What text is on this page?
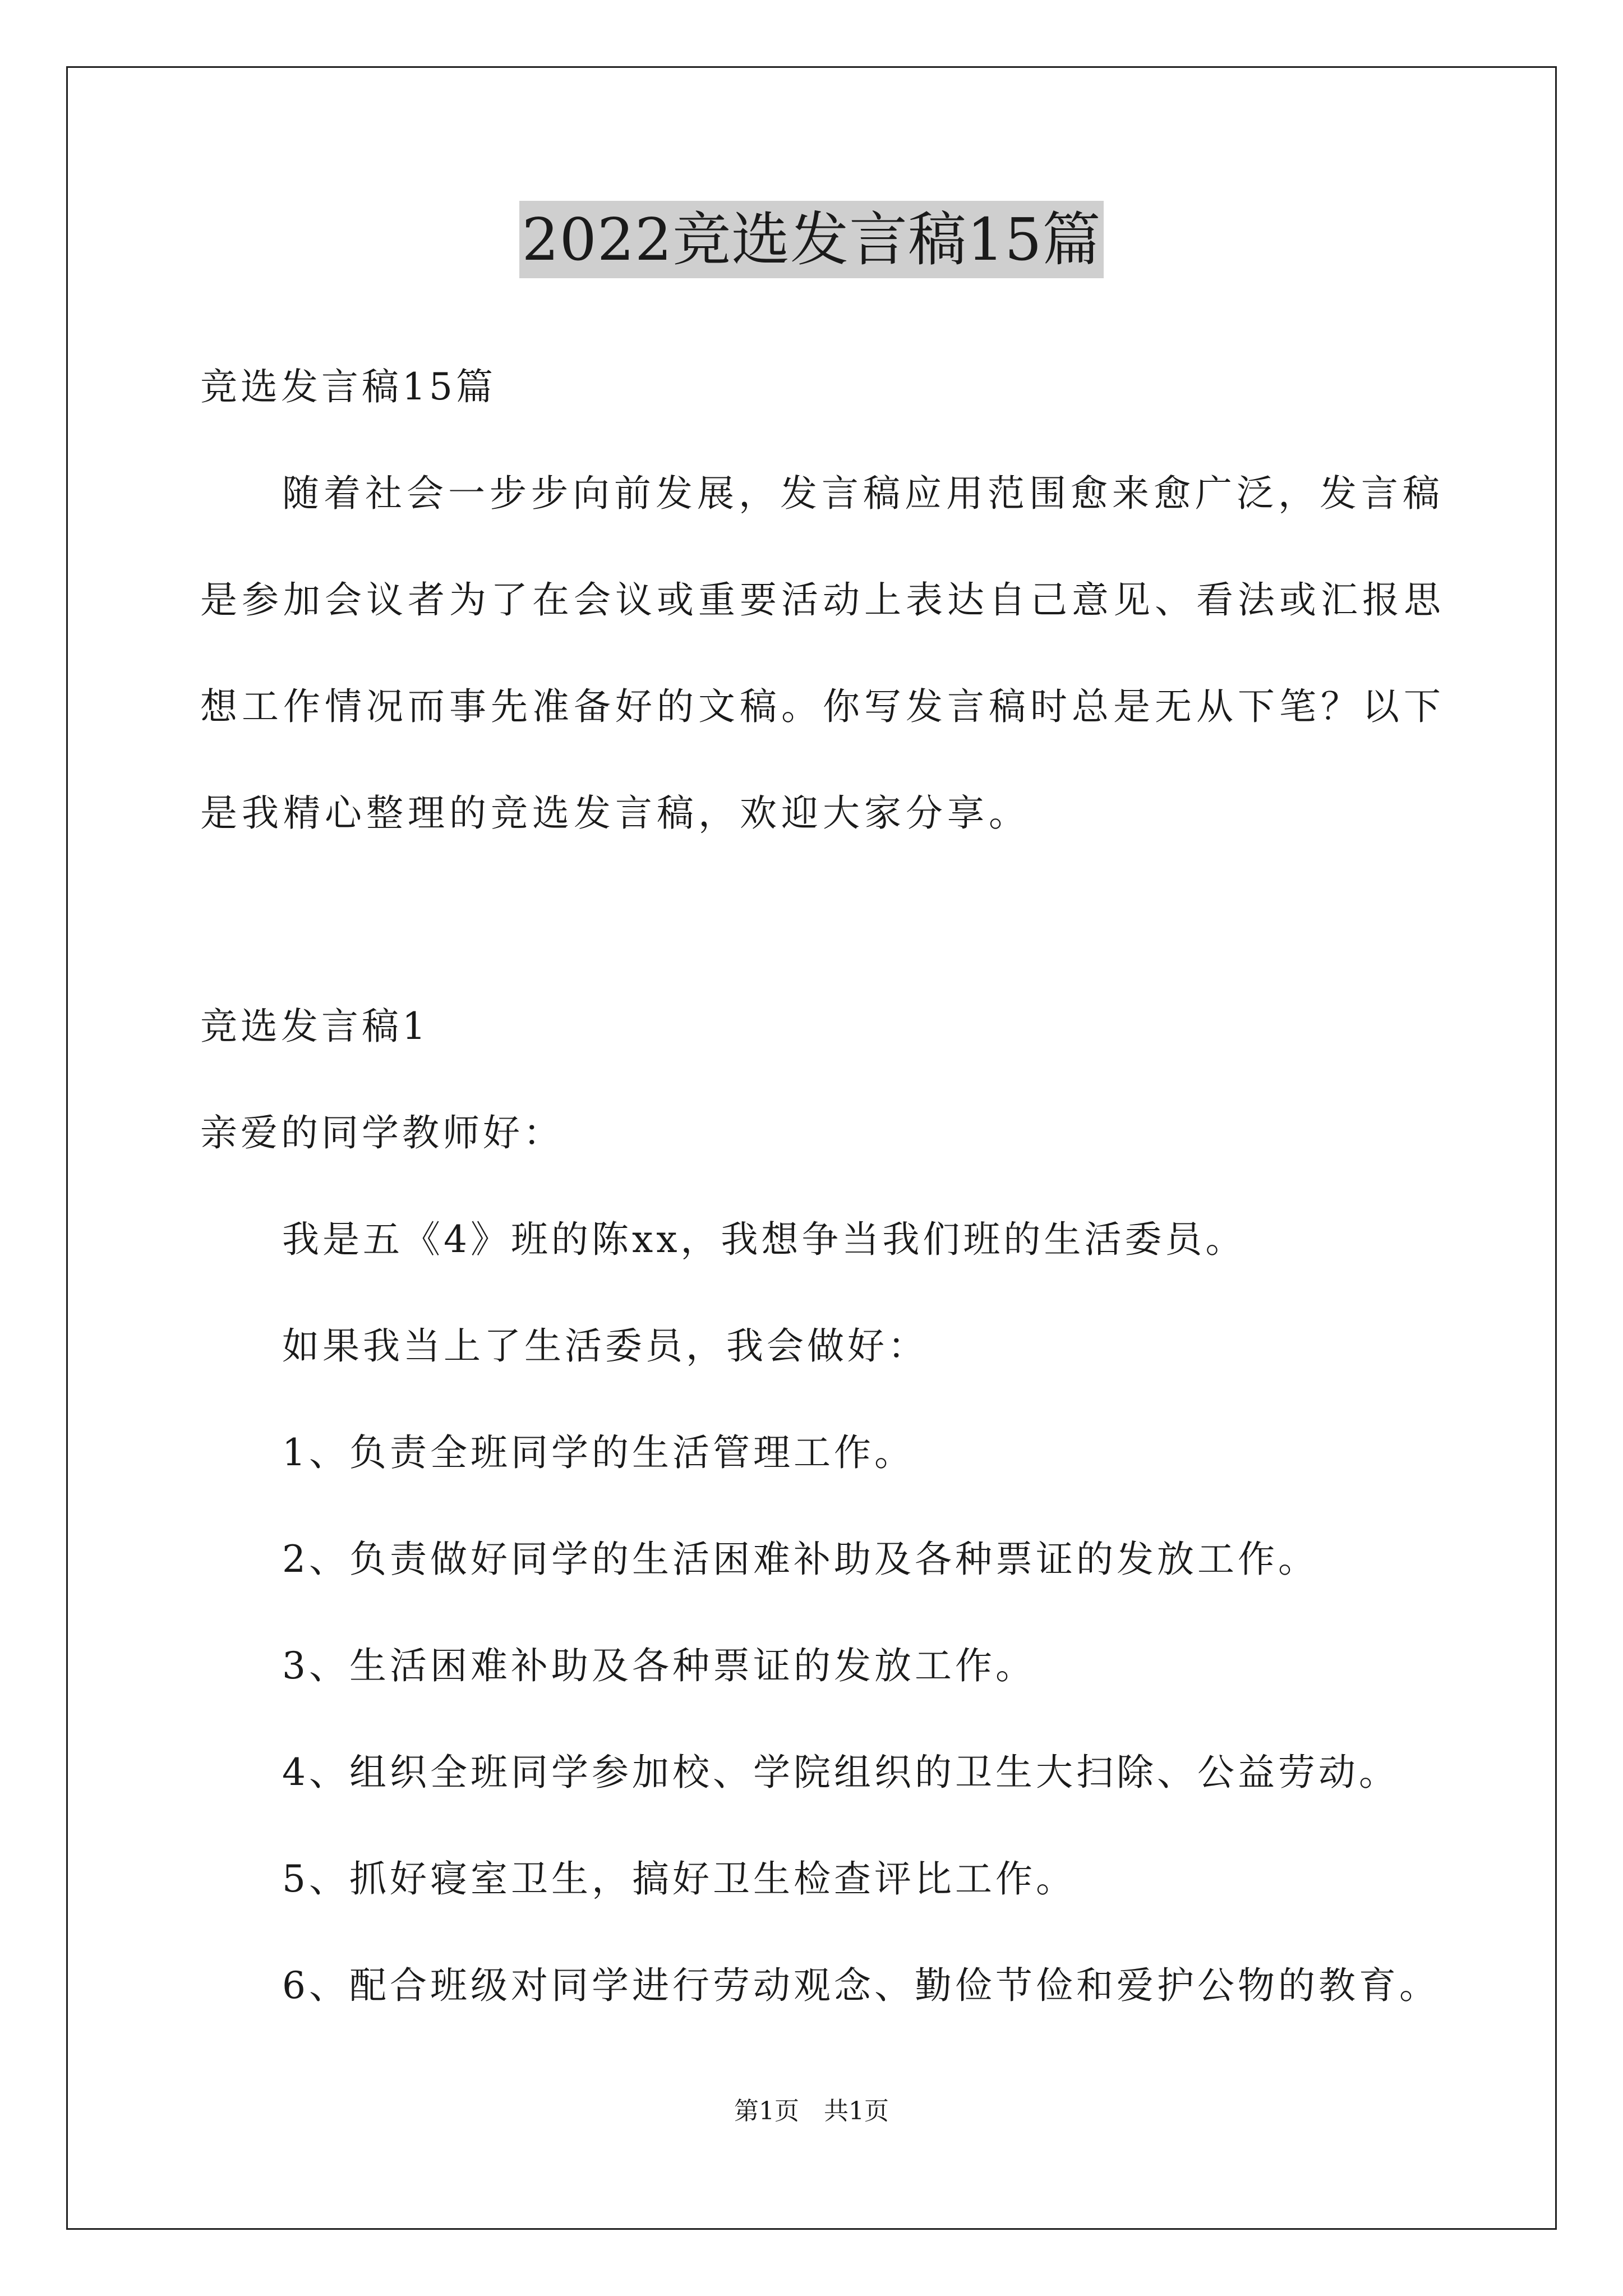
2022竞选发言稿15篇
竞选发言稿15篇
随着社会一步步向前发展，发言稿应用范围愈来愈广泛，发言稿
是参加会议者为了在会议或重要活动上表达自己意见、看法或汇报思
想工作情况而事先准备好的文稿。你写发言稿时总是无从下笔？以下
是我精心整理的竞选发言稿，欢迎大家分享。
竞选发言稿1
亲爱的同学教师好：
我是五《4》班的陈xx，我想争当我们班的生活委员。
如果我当上了生活委员，我会做好：
1、负责全班同学的生活管理工作。
2、负责做好同学的生活困难补助及各种票证的发放工作。
3、生活困难补助及各种票证的发放工作。
4、组织全班同学参加校、学院组织的卫生大扫除、公益劳动。
5、抓好寝室卫生，搞好卫生检查评比工作。
6、配合班级对同学进行劳动观念、勤俭节俭和爱护公物的教育。
第1页 共1页
